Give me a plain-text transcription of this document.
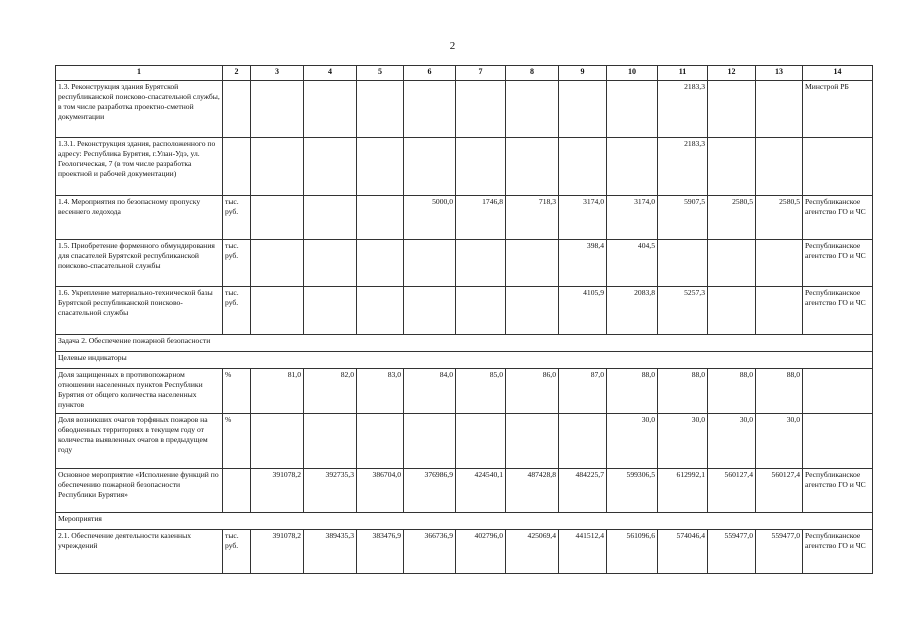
2
1	2	3	4	5	6	7	8	9	10	11	12	13	14
1.3. Реконструкция здания Бурятской республиканской поисково-спасательной службы, в том числе разработка проектно-сметной документации										2183,3			Минстрой РБ
1.3.1. Реконструкция здания, расположенного по адресу: Республика Бурятия, г.Улан-Удэ, ул. Геологическая, 7 (в том числе разработка проектной и рабочей документации)										2183,3			
1.4. Мероприятия по безопасному пропуску весеннего ледохода	тыс. руб.				5000,0	1746,8	718,3	3174,0	3174,0	5907,5	2580,5	2580,5	Республиканское агентство ГО и ЧС
1.5. Приобретение форменного обмундирования для спасателей Бурятской республиканской поисково-спасательной службы	тыс. руб.							398,4	404,5				Республиканское агентство ГО и ЧС
1.6. Укрепление материально-технической базы Бурятской республиканской поисково-спасательной службы	тыс. руб.							4105,9	2083,8	5257,3			Республиканское агентство ГО и ЧС
Задача 2. Обеспечение пожарной безопасности													
Целевые индикаторы													
Доля защищенных в противопожарном отношении населенных пунктов Республики Бурятия от общего количества населенных пунктов	%	81,0	82,0	83,0	84,0	85,0	86,0	87,0	88,0	88,0	88,0	88,0	
Доля возникших очагов торфяных пожаров на обводненных территориях в текущем году от количества выявленных очагов в предыдущем году	%								30,0	30,0	30,0	30,0	
Основное мероприятие «Исполнение функций по обеспечению пожарной безопасности Республики Бурятия»		391078,2	392735,3	386704,0	376986,9	424540,1	487428,8	484225,7	599306,5	612992,1	560127,4	560127,4	Республиканское агентство ГО и ЧС
Мероприятия													
2.1. Обеспечение деятельности казенных учреждений	тыс. руб.	391078,2	389435,3	383476,9	366736,9	402796,0	425069,4	441512,4	561096,6	574046,4	559477,0	559477,0	Республиканское агентство ГО и ЧС
